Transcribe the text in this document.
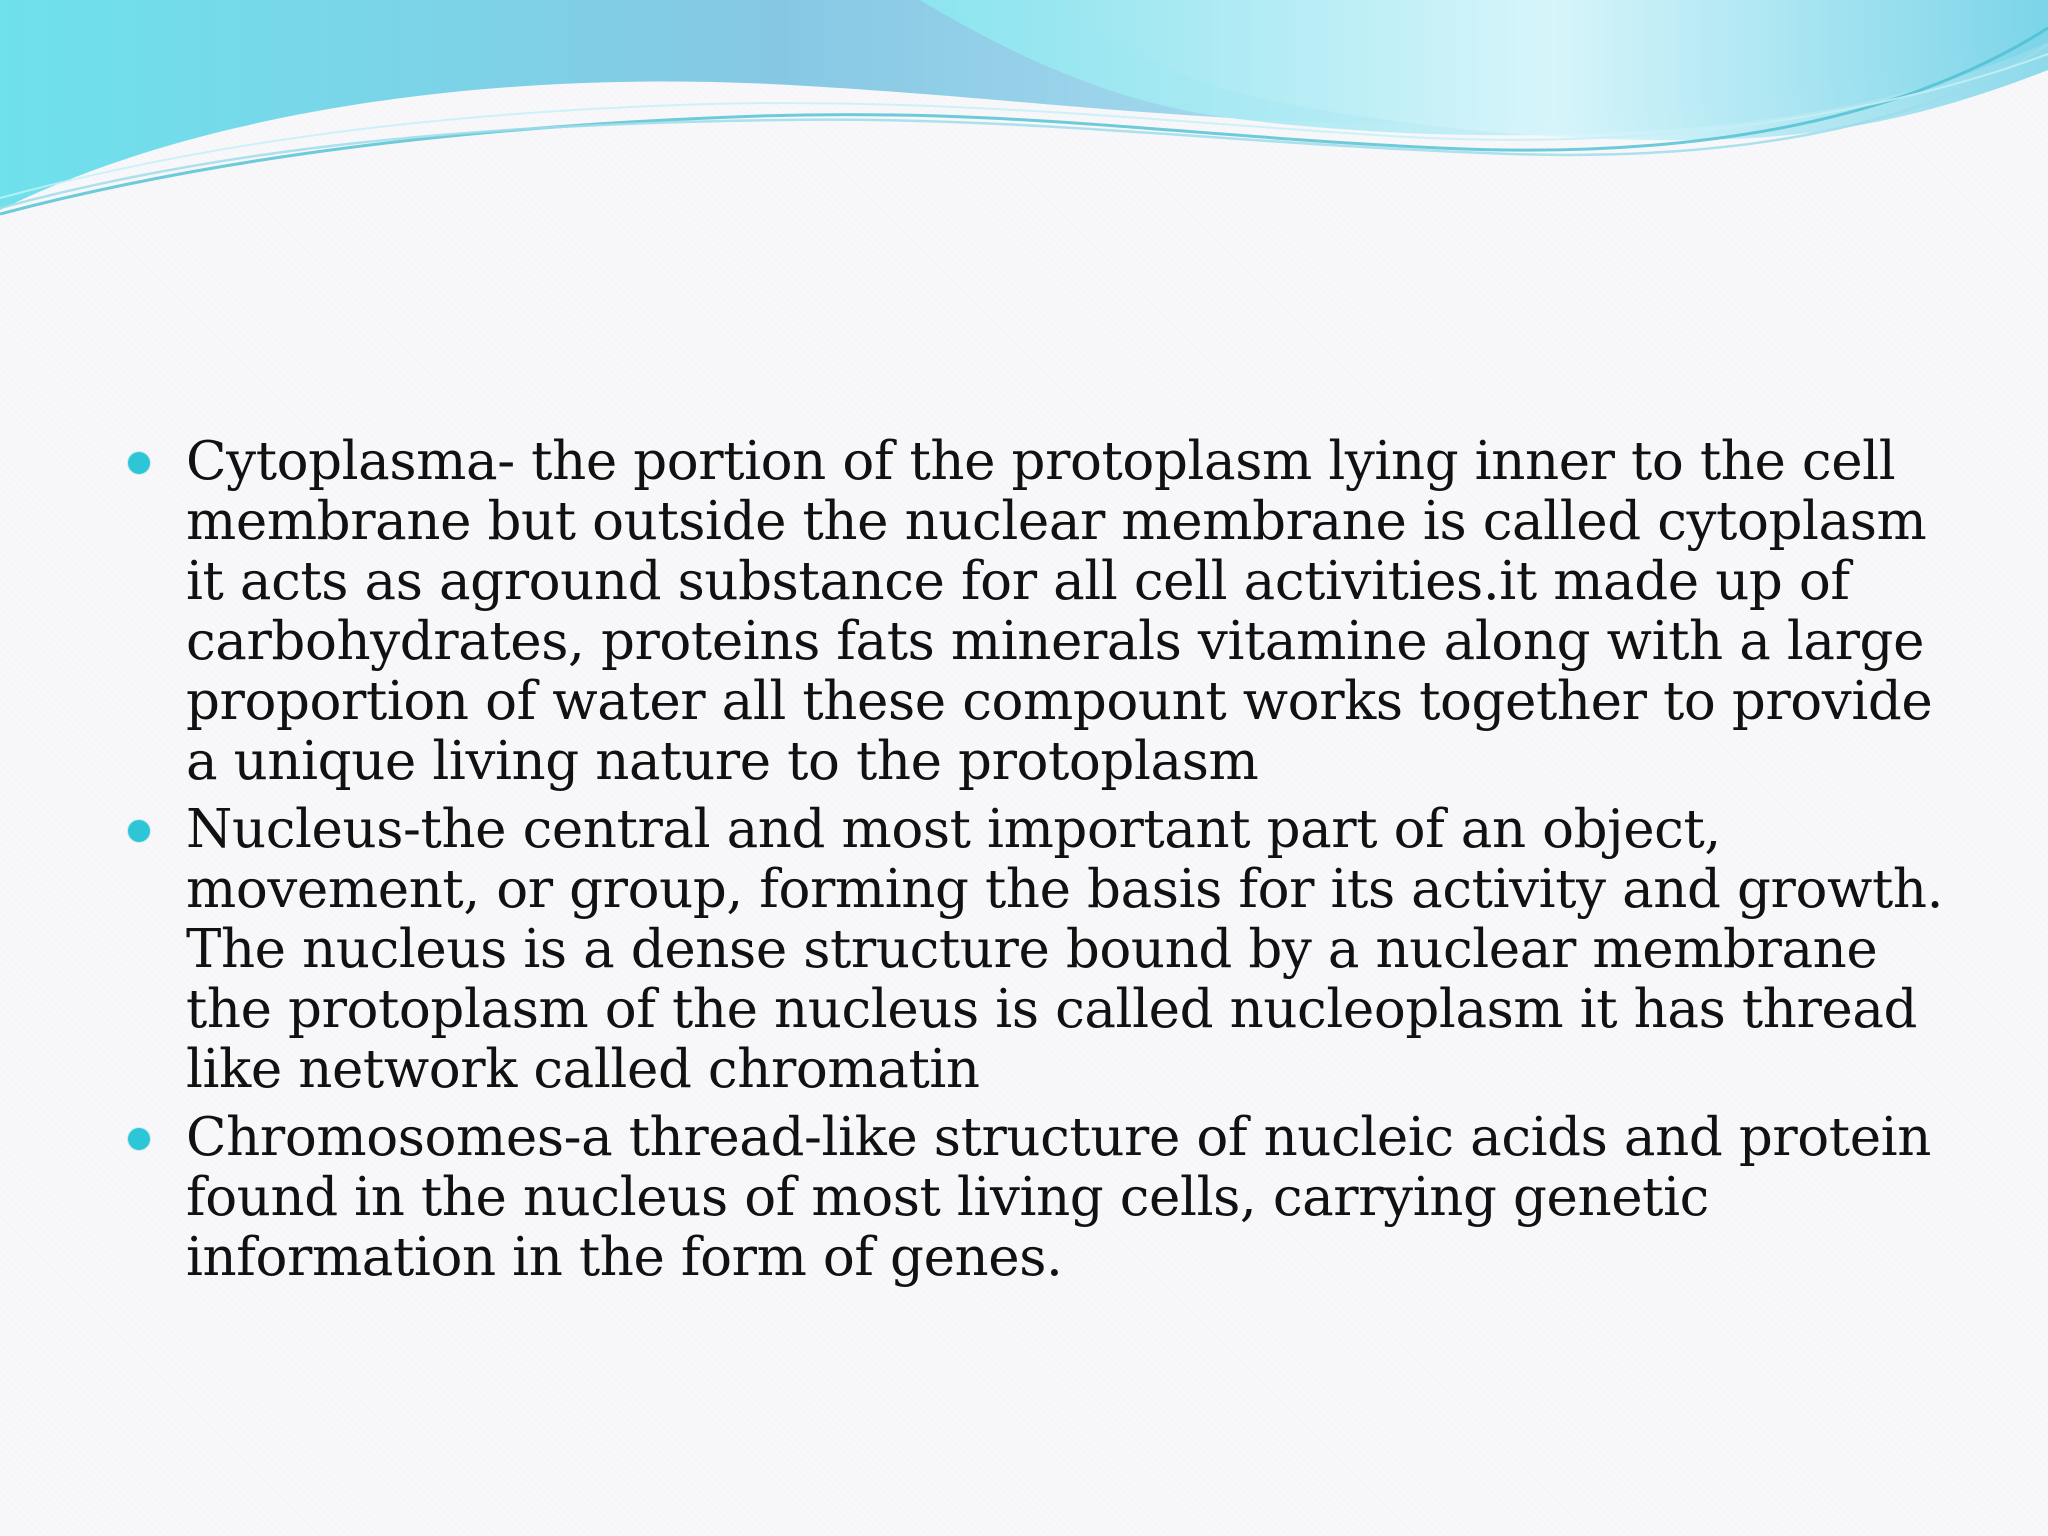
Cytoplasma- the portion of the protoplasm lying inner to the cell membrane but outside the nuclear membrane is called cytoplasm it acts as aground substance for all cell activities.it made up of carbohydrates, proteins fats minerals vitamine along with a large proportion of water all these compount works together to provide a unique living nature to the protoplasm
Nucleus-the central and most important part of an object, movement, or group, forming the basis for its activity and growth. The nucleus is a dense structure bound by a nuclear membrane the protoplasm of the nucleus is called nucleoplasm it has thread like network called chromatin
Chromosomes-a thread-like structure of nucleic acids and protein found in the nucleus of most living cells, carrying genetic information in the form of genes.
